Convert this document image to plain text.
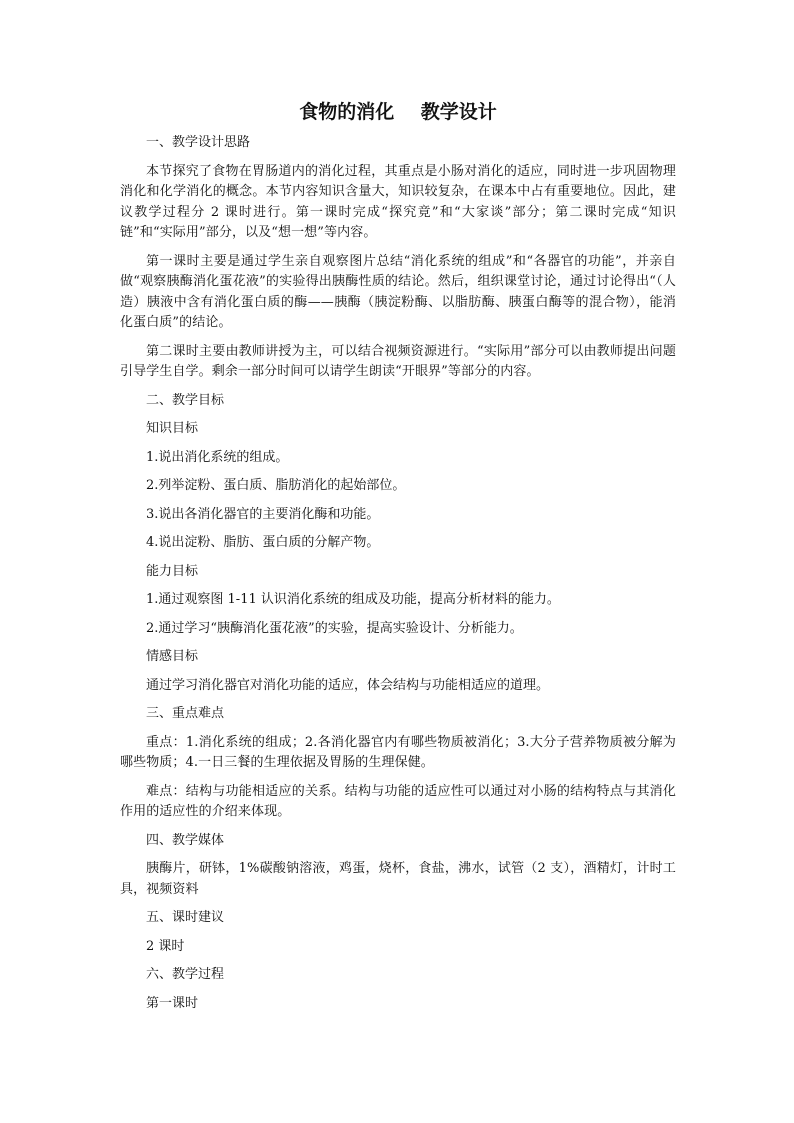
食物的消化    教学设计
一、教学设计思路
本节探究了食物在胃肠道内的消化过程，其重点是小肠对消化的适应，同时进一步巩固物理消化和化学消化的概念。本节内容知识含量大，知识较复杂，在课本中占有重要地位。因此，建议教学过程分 2 课时进行。第一课时完成“探究竟”和“大家谈”部分；第二课时完成“知识链”和“实际用”部分，以及“想一想”等内容。
第一课时主要是通过学生亲自观察图片总结“消化系统的组成”和“各器官的功能”，并亲自做“观察胰酶消化蛋花液”的实验得出胰酶性质的结论。然后，组织课堂讨论，通过讨论得出“（人造）胰液中含有消化蛋白质的酶——胰酶（胰淀粉酶、以脂肪酶、胰蛋白酶等的混合物），能消化蛋白质”的结论。
第二课时主要由教师讲授为主，可以结合视频资源进行。“实际用”部分可以由教师提出问题引导学生自学。剩余一部分时间可以请学生朗读“开眼界”等部分的内容。
二、教学目标
知识目标
1.说出消化系统的组成。
2.列举淀粉、蛋白质、脂肪消化的起始部位。
3.说出各消化器官的主要消化酶和功能。
4.说出淀粉、脂肪、蛋白质的分解产物。
能力目标
1.通过观察图 1-11 认识消化系统的组成及功能，提高分析材料的能力。
2.通过学习“胰酶消化蛋花液”的实验，提高实验设计、分析能力。
情感目标
通过学习消化器官对消化功能的适应，体会结构与功能相适应的道理。
三、重点难点
重点：1.消化系统的组成；2.各消化器官内有哪些物质被消化；3.大分子营养物质被分解为哪些物质；4.一日三餐的生理依据及胃肠的生理保健。
难点：结构与功能相适应的关系。结构与功能的适应性可以通过对小肠的结构特点与其消化作用的适应性的介绍来体现。
四、教学媒体
胰酶片，研钵，1%碳酸钠溶液，鸡蛋，烧杯，食盐，沸水，试管（2 支），酒精灯，计时工具，视频资料
五、课时建议
2 课时
六、教学过程
第一课时
